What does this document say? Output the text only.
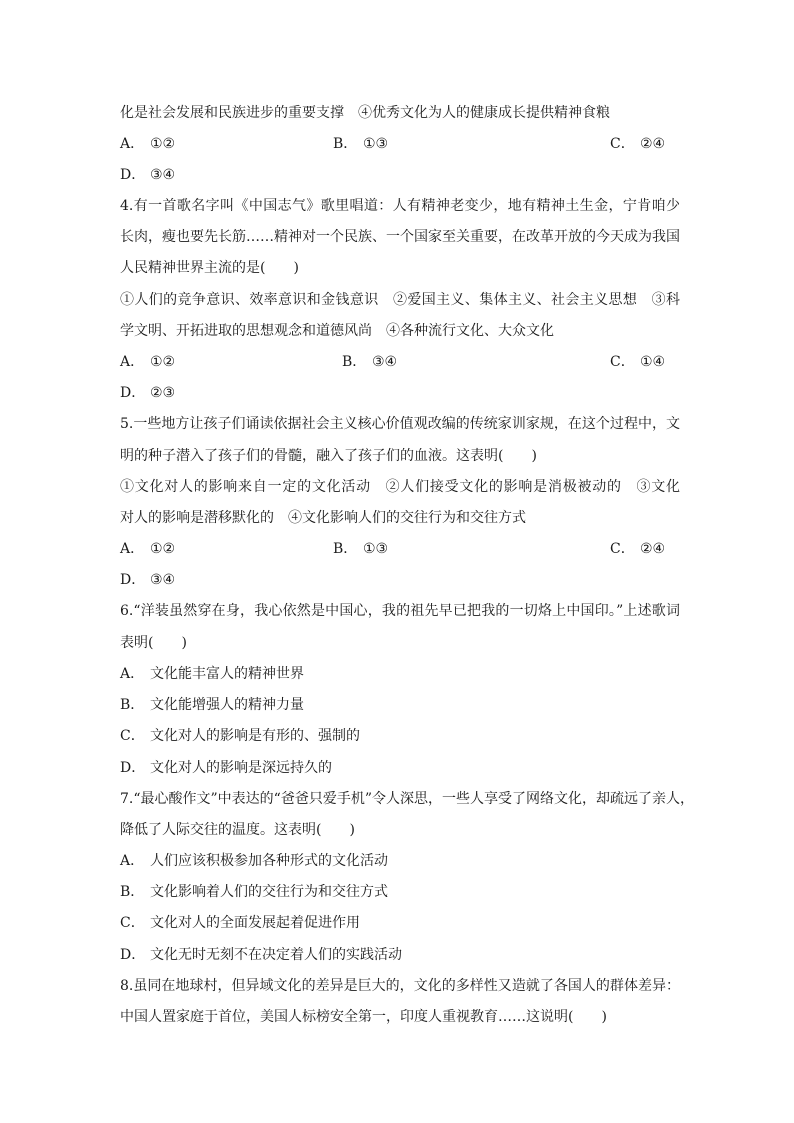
化是社会发展和民族进步的重要支撑　④优秀文化为人的健康成长提供精神食粮
A． ①②	B． ①③	C． ②④
D． ③④
4.有一首歌名字叫《中国志气》歌里唱道：人有精神老变少，地有精神土生金，宁肯咱少
长肉，瘦也要先长筋……精神对一个民族、一个国家至关重要，在改革开放的今天成为我国
人民精神世界主流的是(　　)
①人们的竞争意识、效率意识和金钱意识　②爱国主义、集体主义、社会主义思想　③科
学文明、开拓进取的思想观念和道德风尚　④各种流行文化、大众文化
A． ①②	B． ③④	C． ①④
D． ②③
5.一些地方让孩子们诵读依据社会主义核心价值观改编的传统家训家规，在这个过程中，文
明的种子潜入了孩子们的骨髓，融入了孩子们的血液。这表明(　　)
①文化对人的影响来自一定的文化活动　②人们接受文化的影响是消极被动的　③文化
对人的影响是潜移默化的　④文化影响人们的交往行为和交往方式
A． ①②	B． ①③	C． ②④
D． ③④
6.“洋装虽然穿在身，我心依然是中国心，我的祖先早已把我的一切烙上中国印。”上述歌词
表明(　　)
A． 文化能丰富人的精神世界
B． 文化能增强人的精神力量
C． 文化对人的影响是有形的、强制的
D． 文化对人的影响是深远持久的
7.“最心酸作文”中表达的“爸爸只爱手机”令人深思，一些人享受了网络文化，却疏远了亲人，
降低了人际交往的温度。这表明(　　)
A． 人们应该积极参加各种形式的文化活动
B． 文化影响着人们的交往行为和交往方式
C． 文化对人的全面发展起着促进作用
D． 文化无时无刻不在决定着人们的实践活动
8.虽同在地球村，但异域文化的差异是巨大的，文化的多样性又造就了各国人的群体差异：
中国人置家庭于首位，美国人标榜安全第一，印度人重视教育……这说明(　　)
